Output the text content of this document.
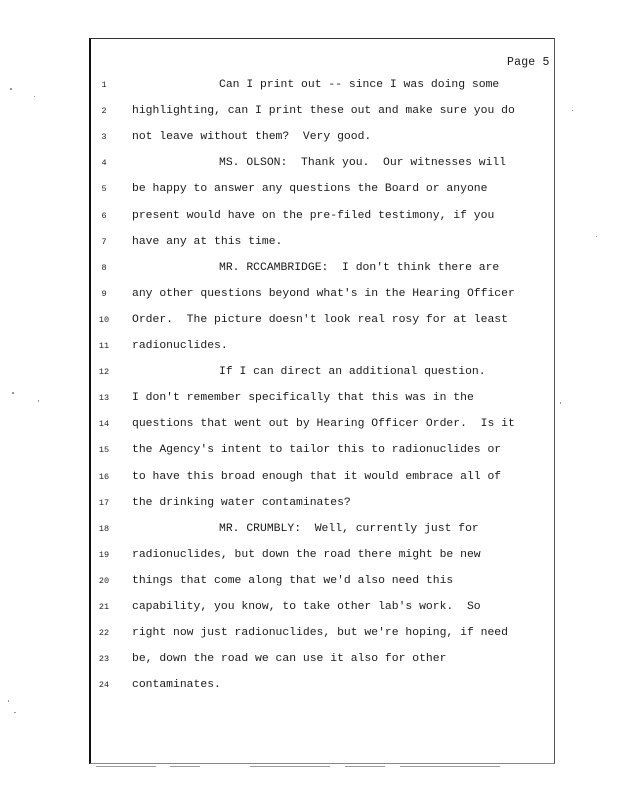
Page 5
1	Can I print out -- since I was doing some
2	highlighting, can I print these out and make sure you do
3	not leave without them?  Very good.
4	MS. OLSON:  Thank you.  Our witnesses will
5	be happy to answer any questions the Board or anyone
6	present would have on the pre-filed testimony, if you
7	have any at this time.
8	MR. RCCAMBRIDGE:  I don't think there are
9	any other questions beyond what's in the Hearing Officer
10	Order.  The picture doesn't look real rosy for at least
11	radionuclides.
12	If I can direct an additional question.
13	I don't remember specifically that this was in the
14	questions that went out by Hearing Officer Order.  Is it
15	the Agency's intent to tailor this to radionuclides or
16	to have this broad enough that it would embrace all of
17	the drinking water contaminates?
18	MR. CRUMBLY:  Well, currently just for
19	radionuclides, but down the road there might be new
20	things that come along that we'd also need this
21	capability, you know, to take other lab's work.  So
22	right now just radionuclides, but we're hoping, if need
23	be, down the road we can use it also for other
24	contaminates.
